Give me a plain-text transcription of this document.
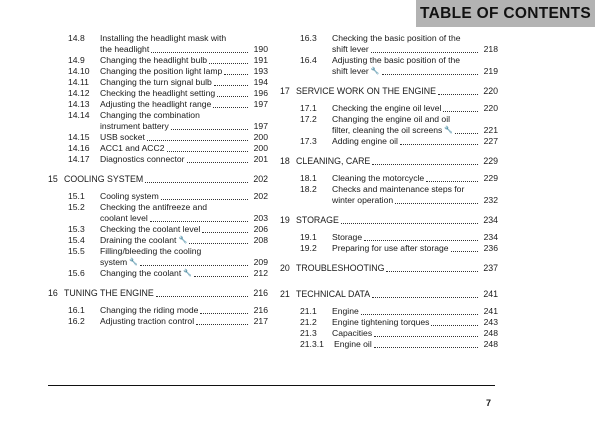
TABLE OF CONTENTS
14.8 Installing the headlight mask with
the headlight	190
14.9 Changing the headlight bulb	191
14.10 Changing the position light lamp	193
14.11 Changing the turn signal bulb	194
14.12 Checking the headlight setting	196
14.13 Adjusting the headlight range	197
14.14 Changing the combination
instrument battery	197
14.15 USB socket	200
14.16 ACC1 and ACC2	200
14.17 Diagnostics connector	201
15 COOLING SYSTEM	202
15.1 Cooling system	202
15.2 Checking the antifreeze and
coolant level	203
15.3 Checking the coolant level	206
15.4 Draining the coolant 🔧	208
15.5 Filling/bleeding the cooling
system 🔧	209
15.6 Changing the coolant 🔧	212
16 TUNING THE ENGINE	216
16.1 Changing the riding mode	216
16.2 Adjusting traction control	217
16.3 Checking the basic position of the
shift lever	218
16.4 Adjusting the basic position of the
shift lever 🔧	219
17 SERVICE WORK ON THE ENGINE	220
17.1 Checking the engine oil level	220
17.2 Changing the engine oil and oil
filter, cleaning the oil screens 🔧	221
17.3 Adding engine oil	227
18 CLEANING, CARE	229
18.1 Cleaning the motorcycle	229
18.2 Checks and maintenance steps for
winter operation	232
19 STORAGE	234
19.1 Storage	234
19.2 Preparing for use after storage	236
20 TROUBLESHOOTING	237
21 TECHNICAL DATA	241
21.1 Engine	241
21.2 Engine tightening torques	243
21.3 Capacities	248
21.3.1 Engine oil	248
7
